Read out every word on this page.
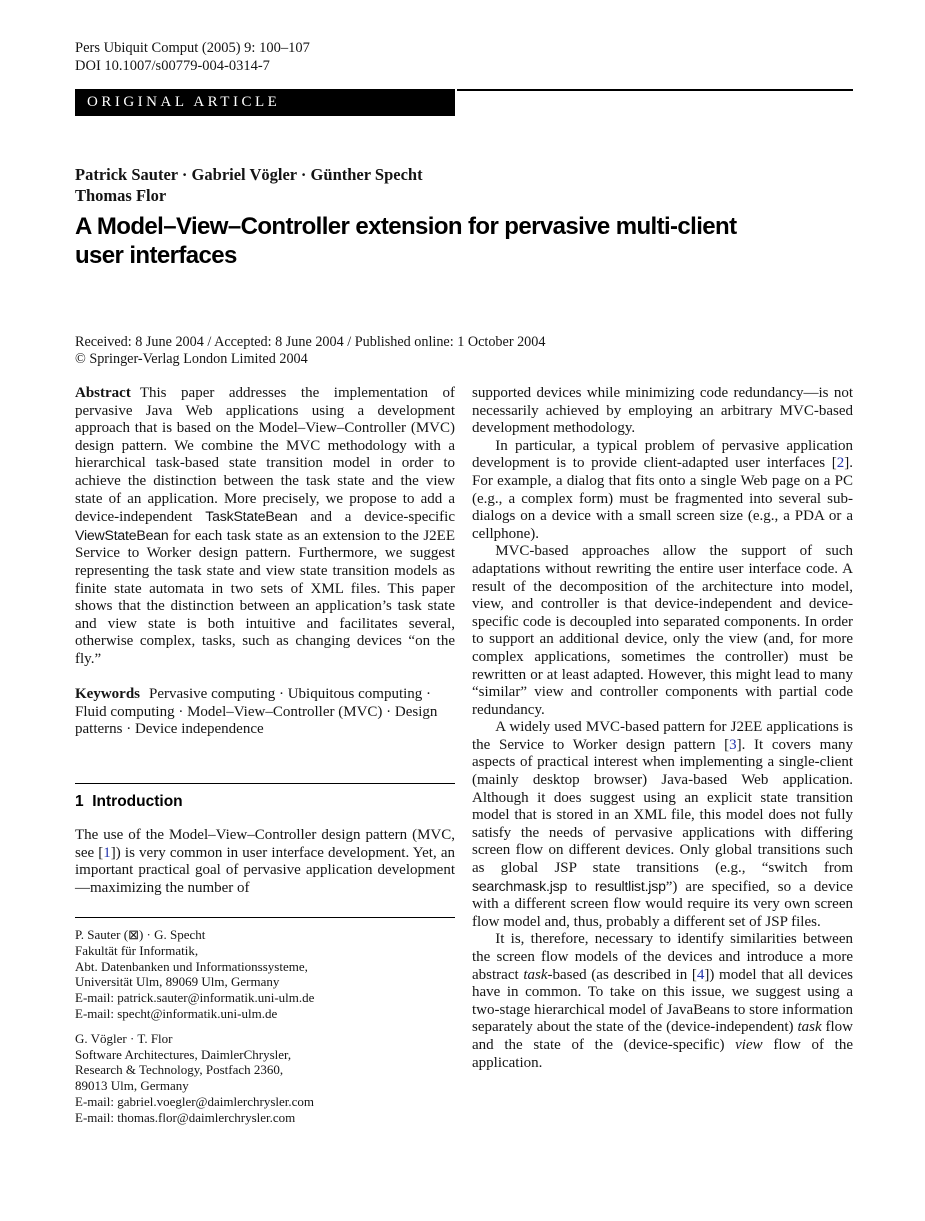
Pers Ubiquit Comput (2005) 9: 100–107
DOI 10.1007/s00779-004-0314-7
ORIGINAL ARTICLE
Patrick Sauter · Gabriel Vögler · Günther Specht
Thomas Flor
A Model–View–Controller extension for pervasive multi-client
user interfaces
Received: 8 June 2004 / Accepted: 8 June 2004 / Published online: 1 October 2004
© Springer-Verlag London Limited 2004
Abstract This paper addresses the implementation of pervasive Java Web applications using a development approach that is based on the Model–View–Controller (MVC) design pattern. We combine the MVC methodology with a hierarchical task-based state transition model in order to achieve the distinction between the task state and the view state of an application. More precisely, we propose to add a device-independent TaskStateBean and a device-specific ViewStateBean for each task state as an extension to the J2EE Service to Worker design pattern. Furthermore, we suggest representing the task state and view state transition models as finite state automata in two sets of XML files. This paper shows that the distinction between an application’s task state and view state is both intuitive and facilitates several, otherwise complex, tasks, such as changing devices “on the fly.”
Keywords Pervasive computing · Ubiquitous computing · Fluid computing · Model–View–Controller (MVC) · Design patterns · Device independence
1  Introduction
The use of the Model–View–Controller design pattern (MVC, see [1]) is very common in user interface development. Yet, an important practical goal of pervasive application development—maximizing the number of
P. Sauter (⊠) · G. Specht
Fakultät für Informatik,
Abt. Datenbanken und Informationssysteme,
Universität Ulm, 89069 Ulm, Germany
E-mail: patrick.sauter@informatik.uni-ulm.de
E-mail: specht@informatik.uni-ulm.de
G. Vögler · T. Flor
Software Architectures, DaimlerChrysler,
Research & Technology, Postfach 2360,
89013 Ulm, Germany
E-mail: gabriel.voegler@daimlerchrysler.com
E-mail: thomas.flor@daimlerchrysler.com

supported devices while minimizing code redundancy—is not necessarily achieved by employing an arbitrary MVC-based development methodology.

In particular, a typical problem of pervasive application development is to provide client-adapted user interfaces [2]. For example, a dialog that fits onto a single Web page on a PC (e.g., a complex form) must be fragmented into several sub-dialogs on a device with a small screen size (e.g., a PDA or a cellphone).

MVC-based approaches allow the support of such adaptations without rewriting the entire user interface code. A result of the decomposition of the architecture into model, view, and controller is that device-independent and device-specific code is decoupled into separated components. In order to support an additional device, only the view (and, for more complex applications, sometimes the controller) must be rewritten or at least adapted. However, this might lead to many “similar” view and controller components with partial code redundancy.

A widely used MVC-based pattern for J2EE applications is the Service to Worker design pattern [3]. It covers many aspects of practical interest when implementing a single-client (mainly desktop browser) Java-based Web application. Although it does suggest using an explicit state transition model that is stored in an XML file, this model does not fully satisfy the needs of pervasive applications with differing screen flow on different devices. Only global transitions such as global JSP state transitions (e.g., “switch from searchmask.jsp to resultlist.jsp”) are specified, so a device with a different screen flow would require its very own screen flow model and, thus, probably a different set of JSP files.

It is, therefore, necessary to identify similarities between the screen flow models of the devices and introduce a more abstract task-based (as described in [4]) model that all devices have in common. To take on this issue, we suggest using a two-stage hierarchical model of JavaBeans to store information separately about the state of the (device-independent) task flow and the state of the (device-specific) view flow of the application.
